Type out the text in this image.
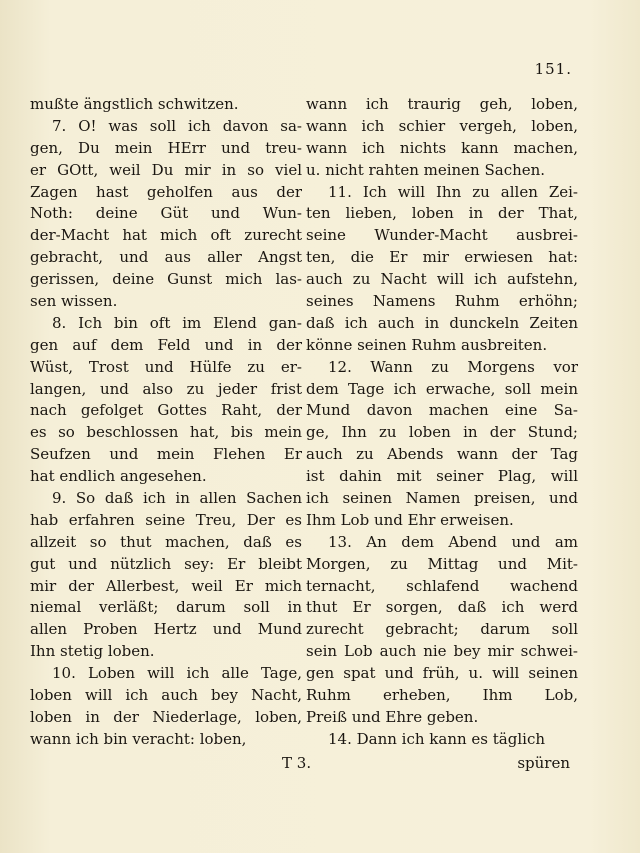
151.
mußte ängstlich schwitzen.
7. O! was soll ich davon sa-
gen, Du mein HErr und treu-
er GOtt, weil Du mir in so viel
Zagen hast geholfen aus der
Noth: deine Güt und Wun-
der-Macht hat mich oft zurecht
gebracht, und aus aller Angst
gerissen, deine Gunst mich las-
sen wissen.
8. Ich bin oft im Elend gan-
gen auf dem Feld und in der
Wüst, Trost und Hülfe zu er-
langen, und also zu jeder frist
nach gefolget Gottes Raht, der
es so beschlossen hat, bis mein
Seufzen und mein Flehen Er
hat endlich angesehen.
9. So daß ich in allen Sachen
hab erfahren seine Treu, Der es
allzeit so thut machen, daß es
gut und nützlich sey: Er bleibt
mir der Allerbest, weil Er mich
niemal verläßt; darum soll in
allen Proben Hertz und Mund
Ihn stetig loben.
10. Loben will ich alle Tage,
loben will ich auch bey Nacht,
loben in der Niederlage, loben,
wann ich bin veracht: loben,
wann ich traurig geh, loben,
wann ich schier vergeh, loben,
wann ich nichts kann machen,
u. nicht rahten meinen Sachen.
11. Ich will Ihn zu allen Zei-
ten lieben, loben in der That,
seine Wunder-Macht ausbrei-
ten, die Er mir erwiesen hat:
auch zu Nacht will ich aufstehn,
seines Namens Ruhm erhöhn;
daß ich auch in dunckeln Zeiten
könne seinen Ruhm ausbreiten.
12. Wann zu Morgens vor
dem Tage ich erwache, soll mein
Mund davon machen eine Sa-
ge, Ihn zu loben in der Stund;
auch zu Abends wann der Tag
ist dahin mit seiner Plag, will
ich seinen Namen preisen, und
Ihm Lob und Ehr erweisen.
13. An dem Abend und am
Morgen, zu Mittag und Mit-
ternacht, schlafend wachend
thut Er sorgen, daß ich werd
zurecht gebracht; darum soll
sein Lob auch nie bey mir schwei-
gen spat und früh, u. will seinen
Ruhm erheben, Ihm Lob,
Preiß und Ehre geben.
14. Dann ich kann es täglich
T 3.	spüren
